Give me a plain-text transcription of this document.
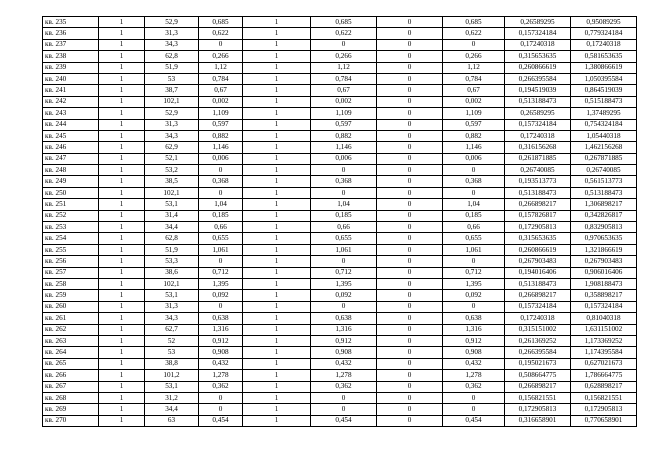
кв. 235	1	52,9	0,685	1	0,685	0	0,685	0,26589295	0,95089295
кв. 236	1	31,3	0,622	1	0,622	0	0,622	0,157324184	0,779324184
кв. 237	1	34,3	0	1	0	0	0	0,17240318	0,17240318
кв. 238	1	62,8	0,266	1	0,266	0	0,266	0,315653635	0,581653635
кв. 239	1	51,9	1,12	1	1,12	0	1,12	0,260866619	1,380866619
кв. 240	1	53	0,784	1	0,784	0	0,784	0,266395584	1,050395584
кв. 241	1	38,7	0,67	1	0,67	0	0,67	0,194519039	0,864519039
кв. 242	1	102,1	0,002	1	0,002	0	0,002	0,513188473	0,515188473
кв. 243	1	52,9	1,109	1	1,109	0	1,109	0,26589295	1,37489295
кв. 244	1	31,3	0,597	1	0,597	0	0,597	0,157324184	0,754324184
кв. 245	1	34,3	0,882	1	0,882	0	0,882	0,17240318	1,05440318
кв. 246	1	62,9	1,146	1	1,146	0	1,146	0,316156268	1,462156268
кв. 247	1	52,1	0,006	1	0,006	0	0,006	0,261871885	0,267871885
кв. 248	1	53,2	0	1	0	0	0	0,26740085	0,26740085
кв. 249	1	38,5	0,368	1	0,368	0	0,368	0,193513773	0,561513773
кв. 250	1	102,1	0	1	0	0	0	0,513188473	0,513188473
кв. 251	1	53,1	1,04	1	1,04	0	1,04	0,266898217	1,306898217
кв. 252	1	31,4	0,185	1	0,185	0	0,185	0,157826817	0,342826817
кв. 253	1	34,4	0,66	1	0,66	0	0,66	0,172905813	0,832905813
кв. 254	1	62,8	0,655	1	0,655	0	0,655	0,315653635	0,970653635
кв. 255	1	51,9	1,061	1	1,061	0	1,061	0,260866619	1,321866619
кв. 256	1	53,3	0	1	0	0	0	0,267903483	0,267903483
кв. 257	1	38,6	0,712	1	0,712	0	0,712	0,194016406	0,906016406
кв. 258	1	102,1	1,395	1	1,395	0	1,395	0,513188473	1,908188473
кв. 259	1	53,1	0,092	1	0,092	0	0,092	0,266898217	0,358898217
кв. 260	1	31,3	0	1	0	0	0	0,157324184	0,157324184
кв. 261	1	34,3	0,638	1	0,638	0	0,638	0,17240318	0,81040318
кв. 262	1	62,7	1,316	1	1,316	0	1,316	0,315151002	1,631151002
кв. 263	1	52	0,912	1	0,912	0	0,912	0,261369252	1,173369252
кв. 264	1	53	0,908	1	0,908	0	0,908	0,266395584	1,174395584
кв. 265	1	38,8	0,432	1	0,432	0	0,432	0,195021673	0,627021673
кв. 266	1	101,2	1,278	1	1,278	0	1,278	0,508664775	1,786664775
кв. 267	1	53,1	0,362	1	0,362	0	0,362	0,266898217	0,628898217
кв. 268	1	31,2	0	1	0	0	0	0,156821551	0,156821551
кв. 269	1	34,4	0	1	0	0	0	0,172905813	0,172905813
кв. 270	1	63	0,454	1	0,454	0	0,454	0,316658901	0,770658901
